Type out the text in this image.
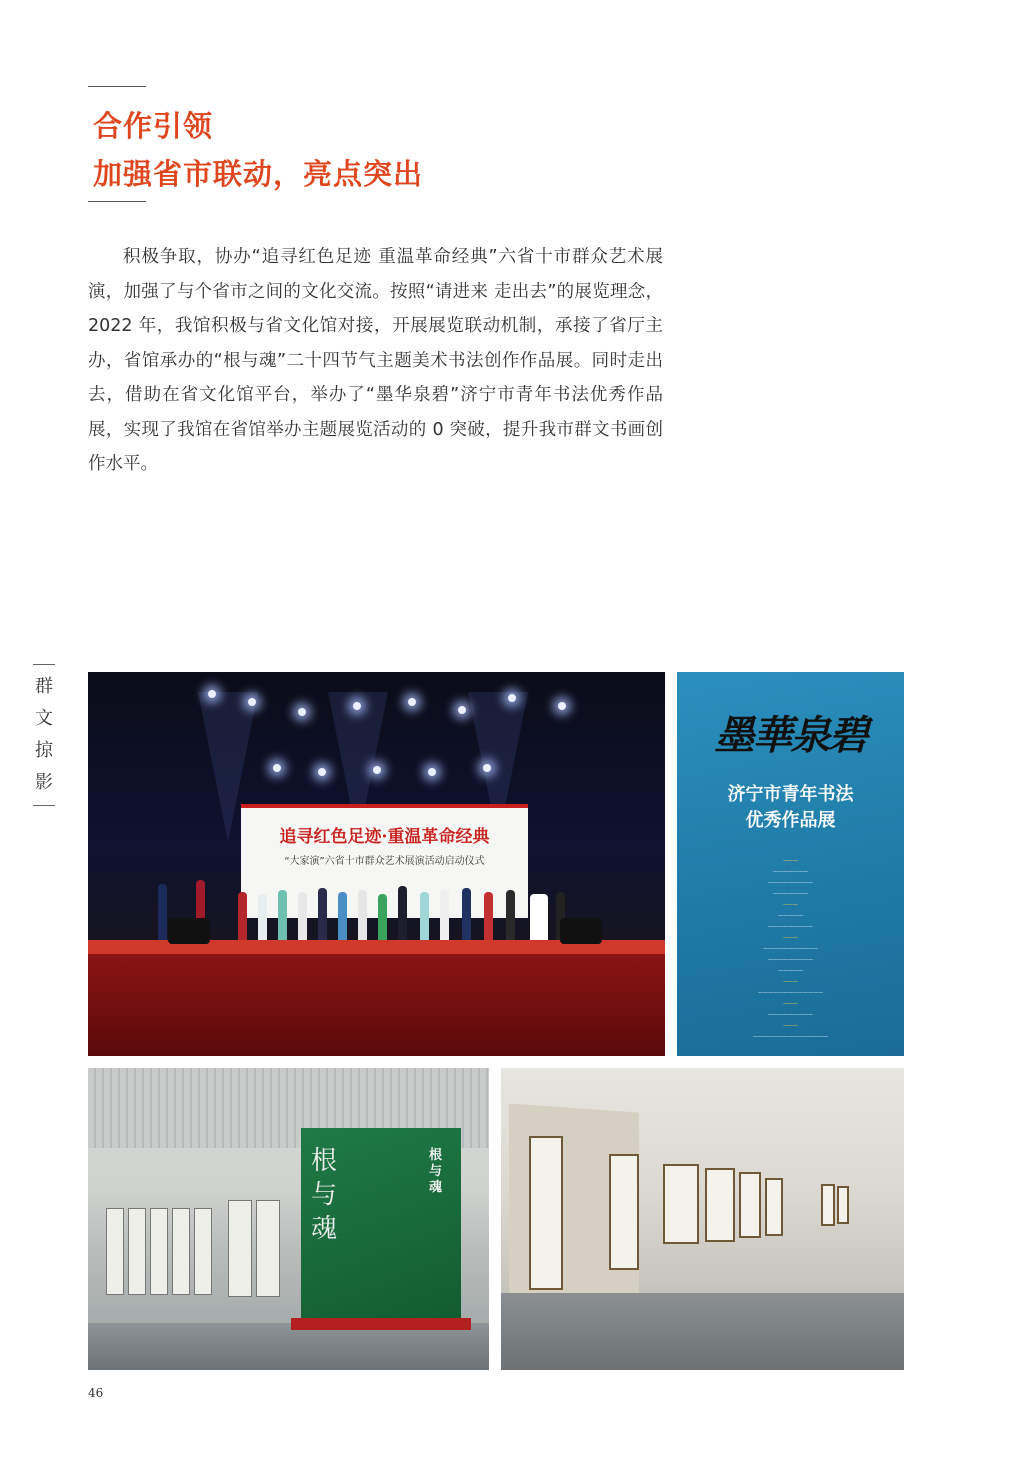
合作引领
加强省市联动，亮点突出

积极争取，协办“追寻红色足迹 重温革命经典”六省十市群众艺术展演，加强了与个省市之间的文化交流。按照“请进来 走出去”的展览理念，2022 年，我馆积极与省文化馆对接，开展展览联动机制，承接了省厅主办，省馆承办的“根与魂”二十四节气主题美术书法创作作品展。同时走出去，借助在省文化馆平台，举办了“墨华泉碧”济宁市青年书法优秀作品展，实现了我馆在省馆举办主题展览活动的 0 突破，提升我市群文书画创作水平。

群
文
掠
影
追寻红色足迹·重温革命经典
“大家演”六省十市群众艺术展演活动启动仪式
墨華泉碧
济宁市青年书法
优秀作品展
———
———————
—————————
———————
———
—————
—————————
———
———————————
—————————
—————
———
—————————————
———
—————————
———
———————————————
根与魂
根与魂
46
